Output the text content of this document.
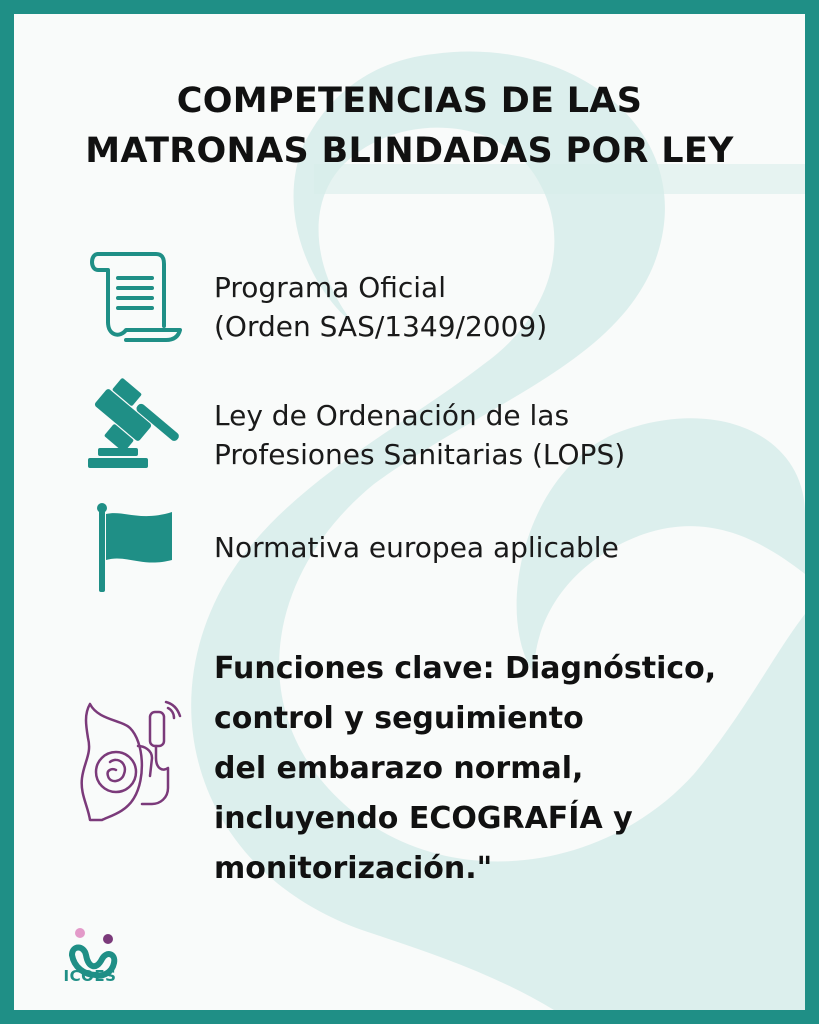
COMPETENCIAS DE LAS
MATRONAS BLINDADAS POR LEY
Programa Oficial
(Orden SAS/1349/2009)
Ley de Ordenación de las
Profesiones Sanitarias (LOPS)
Normativa europea aplicable
Funciones clave: Diagnóstico,
control y seguimiento
del embarazo normal,
incluyendo ECOGRAFÍA y
monitorización."
ICOES
